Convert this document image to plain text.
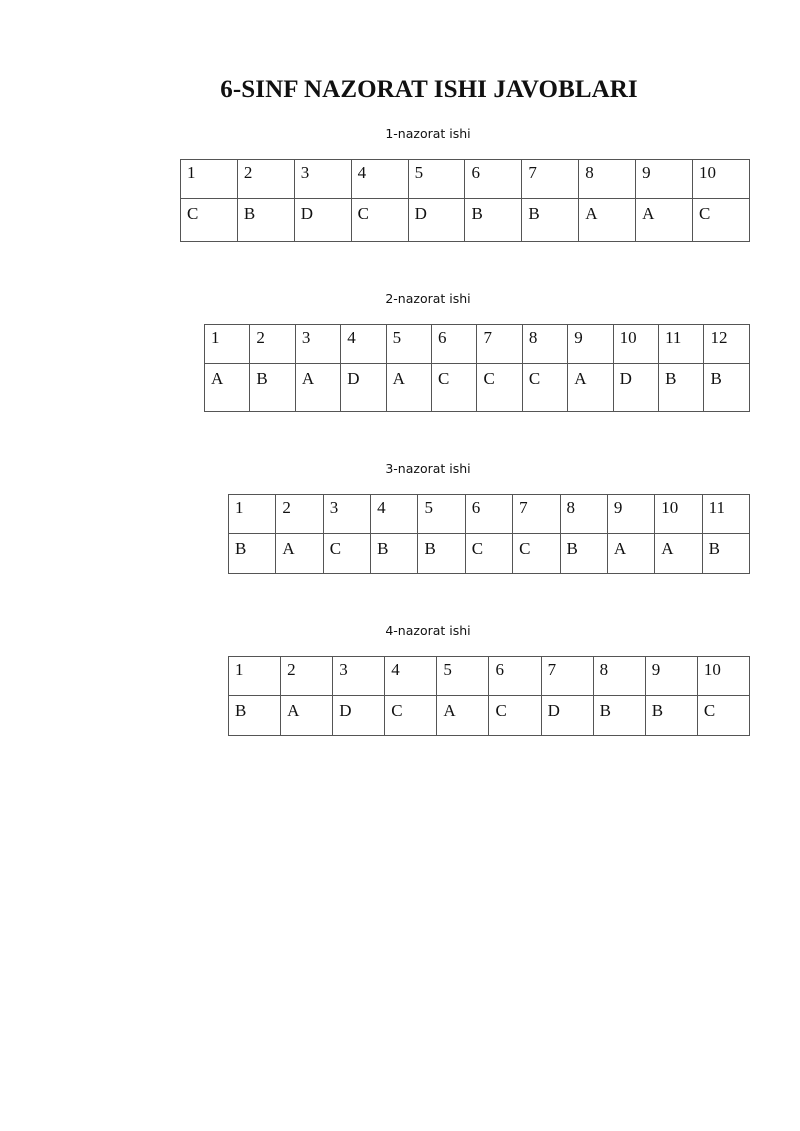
6-SINF NAZORAT ISHI JAVOBLARI

1-nazorat ishi

1	2	3	4	5	6	7	8	9	10
C	B	D	C	D	B	B	A	A	C

2-nazorat ishi

1	2	3	4	5	6	7	8	9	10	11	12
A	B	A	D	A	C	C	C	A	D	B	B

3-nazorat ishi

1	2	3	4	5	6	7	8	9	10	11
B	A	C	B	B	C	C	B	A	A	B

4-nazorat ishi

1	2	3	4	5	6	7	8	9	10
B	A	D	C	A	C	D	B	B	C
